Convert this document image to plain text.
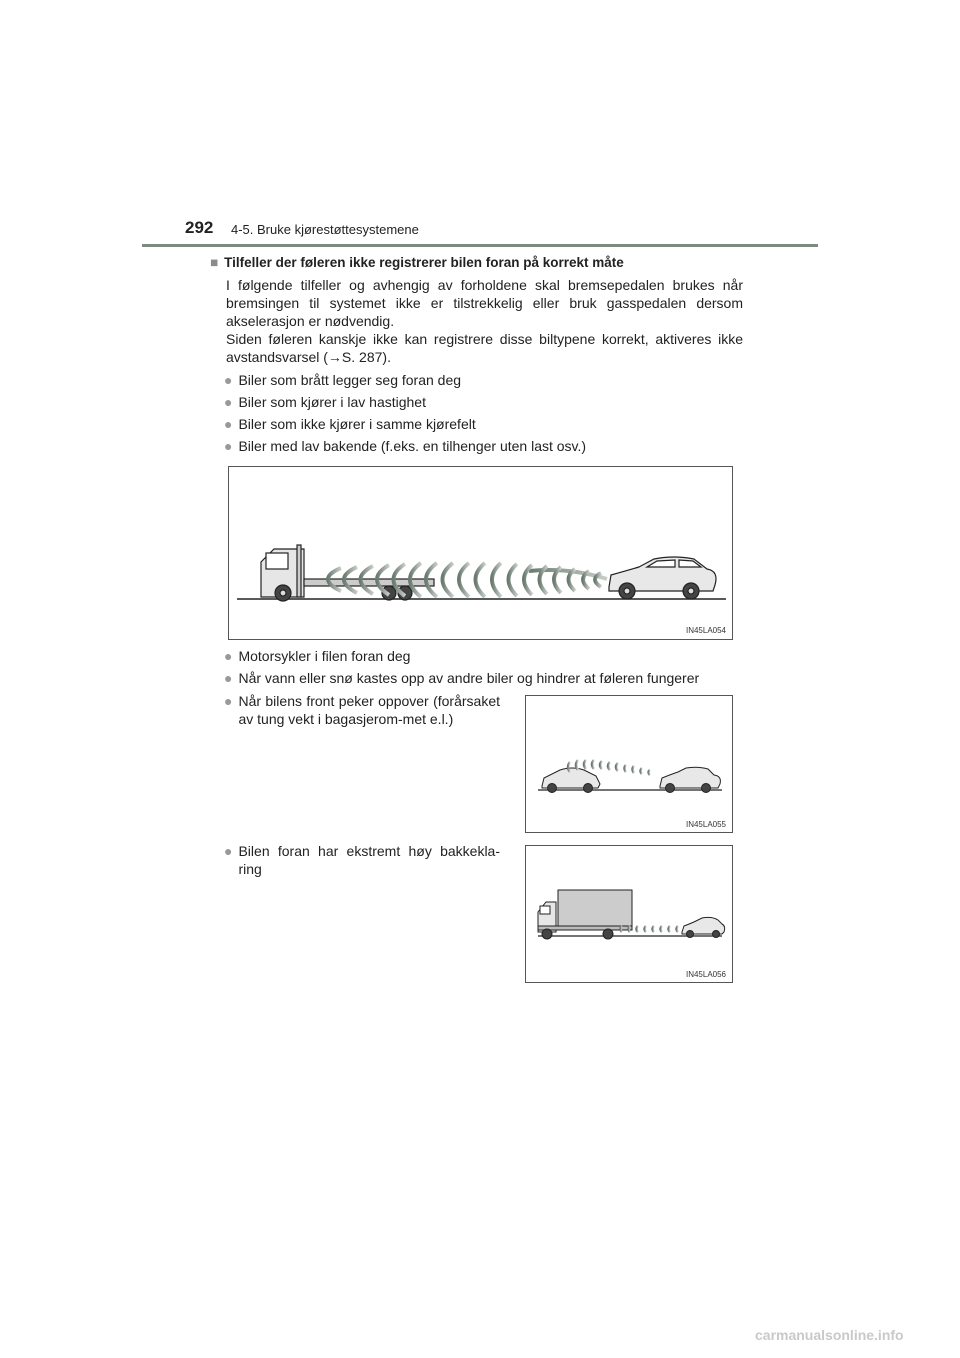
292 4-5. Bruke kjørestøttesystemene
■ Tilfeller der føleren ikke registrerer bilen foran på korrekt måte
I følgende tilfeller og avhengig av forholdene skal bremsepedalen brukes når bremsingen til systemet ikke er tilstrekkelig eller bruk gasspedalen dersom akselerasjon er nødvendig.
Siden føleren kanskje ikke kan registrere disse biltypene korrekt, aktiveres ikke avstandsvarsel (→S. 287).
● Biler som brått legger seg foran deg
● Biler som kjører i lav hastighet
● Biler som ikke kjører i samme kjørefelt
● Biler med lav bakende (f.eks. en tilhenger uten last osv.)
IN45LA054
● Motorsykler i filen foran deg
● Når vann eller snø kastes opp av andre biler og hindrer at føleren fungerer
● Når bilens front peker oppover (forårsaket av tung vekt i bagasjerom-met e.l.)
IN45LA055
● Bilen foran har ekstremt høy bakkekla-ring
IN45LA056
carmanualsonline.info
